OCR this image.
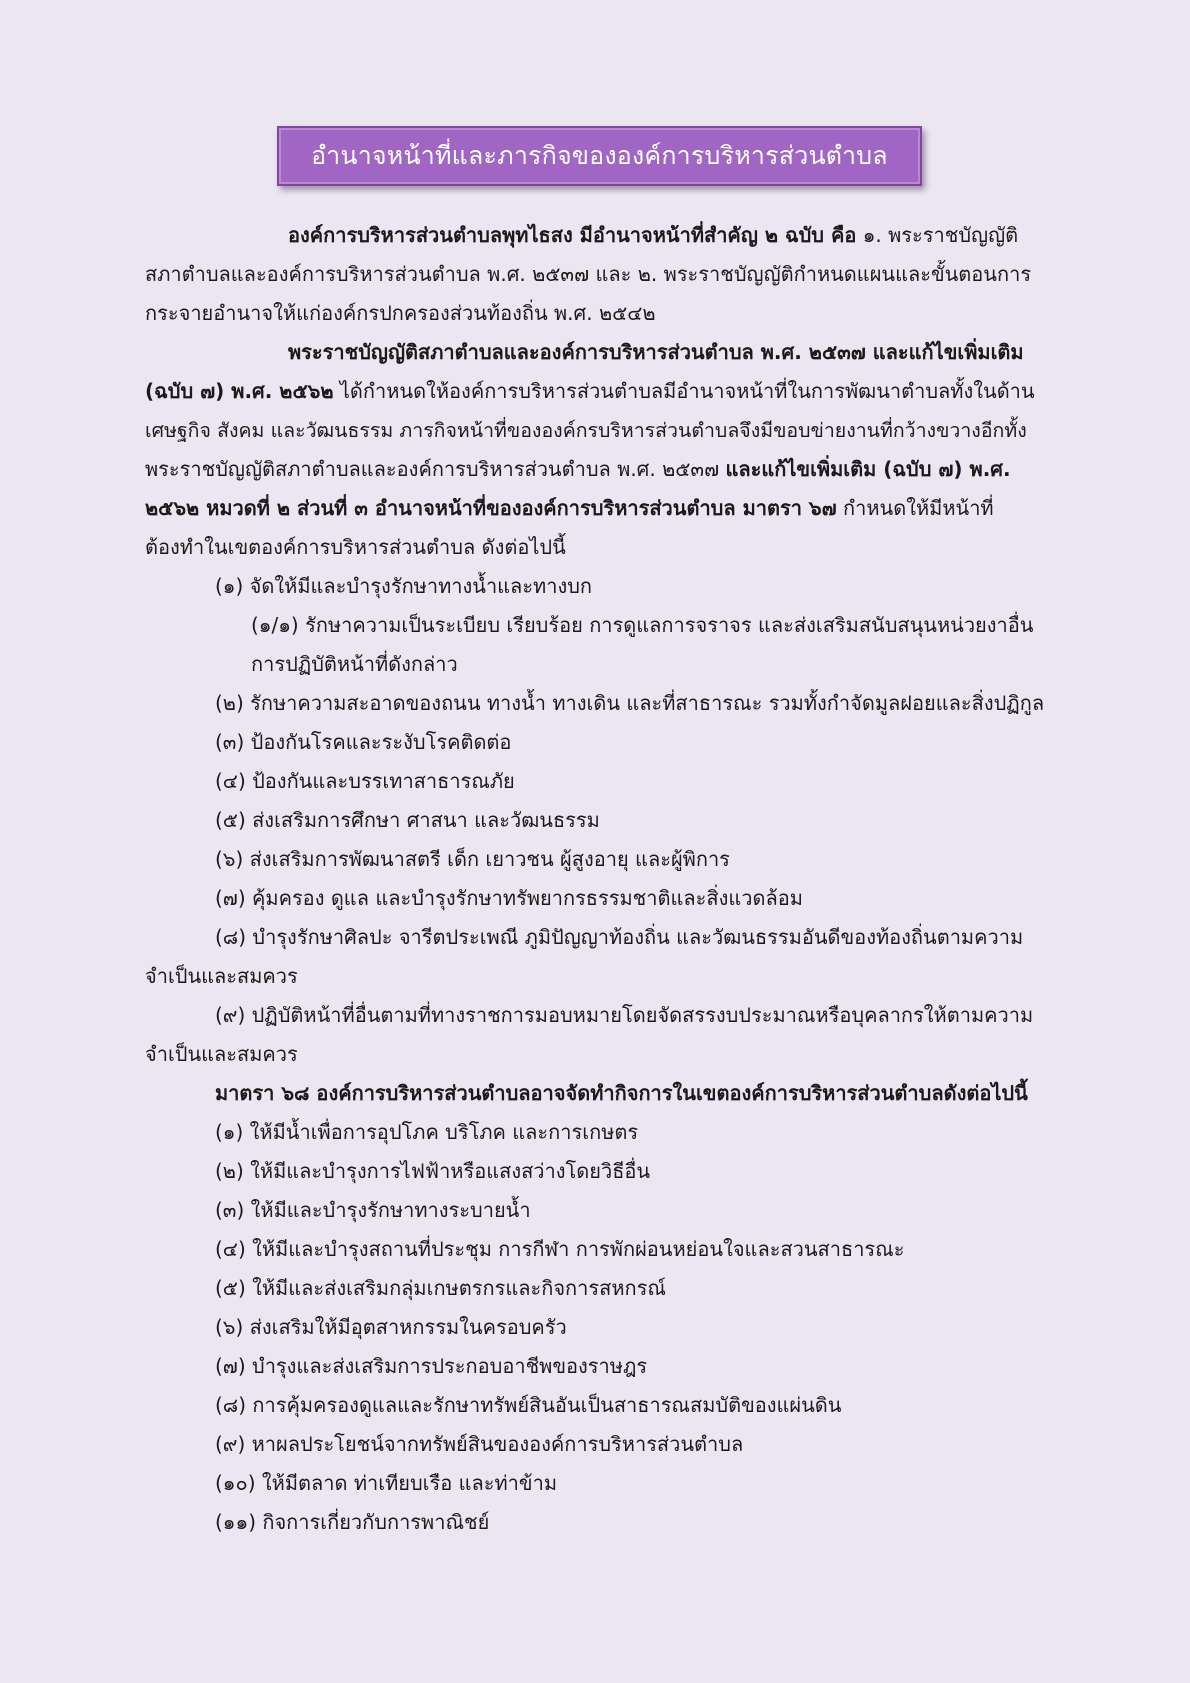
อำนาจหน้าที่และภารกิจขององค์การบริหารส่วนตำบล
องค์การบริหารส่วนตำบลพุทไธสง มีอำนาจหน้าที่สำคัญ ๒ ฉบับ คือ ๑. พระราชบัญญัติ
สภาตำบลและองค์การบริหารส่วนตำบล พ.ศ. ๒๕๓๗ และ ๒. พระราชบัญญัติกำหนดแผนและขั้นตอนการ
กระจายอำนาจให้แก่องค์กรปกครองส่วนท้องถิ่น พ.ศ. ๒๕๔๒
พระราชบัญญัติสภาตำบลและองค์การบริหารส่วนตำบล พ.ศ. ๒๕๓๗ และแก้ไขเพิ่มเติม
(ฉบับ ๗) พ.ศ. ๒๕๖๒ ได้กำหนดให้องค์การบริหารส่วนตำบลมีอำนาจหน้าที่ในการพัฒนาตำบลทั้งในด้าน
เศษฐกิจ สังคม และวัฒนธรรม ภารกิจหน้าที่ขององค์กรบริหารส่วนตำบลจึงมีขอบข่ายงานที่กว้างขวางอีกทั้ง
พระราชบัญญัติสภาตำบลและองค์การบริหารส่วนตำบล พ.ศ. ๒๕๓๗ และแก้ไขเพิ่มเติม (ฉบับ ๗) พ.ศ.
๒๕๖๒ หมวดที่ ๒ ส่วนที่ ๓ อำนาจหน้าที่ขององค์การบริหารส่วนตำบล มาตรา ๖๗ กำหนดให้มีหน้าที่
ต้องทำในเขตองค์การบริหารส่วนตำบล ดังต่อไปนี้
(๑) จัดให้มีและบำรุงรักษาทางน้ำและทางบก
(๑/๑) รักษาความเป็นระเบียบ เรียบร้อย การดูแลการจราจร และส่งเสริมสนับสนุนหน่วยงาอื่น
การปฏิบัติหน้าที่ดังกล่าว
(๒) รักษาความสะอาดของถนน ทางน้ำ ทางเดิน และที่สาธารณะ รวมทั้งกำจัดมูลฝอยและสิ่งปฏิกูล
(๓) ป้องกันโรคและระงับโรคติดต่อ
(๔) ป้องกันและบรรเทาสาธารณภัย
(๕) ส่งเสริมการศึกษา ศาสนา และวัฒนธรรม
(๖) ส่งเสริมการพัฒนาสตรี เด็ก เยาวชน ผู้สูงอายุ และผู้พิการ
(๗) คุ้มครอง ดูแล และบำรุงรักษาทรัพยากรธรรมชาติและสิ่งแวดล้อม
(๘) บำรุงรักษาศิลปะ จารีตประเพณี ภูมิปัญญาท้องถิ่น และวัฒนธรรมอันดีของท้องถิ่นตามความ
จำเป็นและสมควร
(๙) ปฏิบัติหน้าที่อื่นตามที่ทางราชการมอบหมายโดยจัดสรรงบประมาณหรือบุคลากรให้ตามความ
จำเป็นและสมควร
มาตรา ๖๘ องค์การบริหารส่วนตำบลอาจจัดทำกิจการในเขตองค์การบริหารส่วนตำบลดังต่อไปนี้
(๑) ให้มีน้ำเพื่อการอุปโภค บริโภค และการเกษตร
(๒) ให้มีและบำรุงการไฟฟ้าหรือแสงสว่างโดยวิธีอื่น
(๓) ให้มีและบำรุงรักษาทางระบายน้ำ
(๔) ให้มีและบำรุงสถานที่ประชุม การกีฬา การพักผ่อนหย่อนใจและสวนสาธารณะ
(๕) ให้มีและส่งเสริมกลุ่มเกษตรกรและกิจการสหกรณ์
(๖) ส่งเสริมให้มีอุตสาหกรรมในครอบครัว
(๗) บำรุงและส่งเสริมการประกอบอาชีพของราษฎร
(๘) การคุ้มครองดูแลและรักษาทรัพย์สินอันเป็นสาธารณสมบัติของแผ่นดิน
(๙) หาผลประโยชน์จากทรัพย์สินขององค์การบริหารส่วนตำบล
(๑๐) ให้มีตลาด ท่าเทียบเรือ และท่าข้าม
(๑๑) กิจการเกี่ยวกับการพาณิชย์
